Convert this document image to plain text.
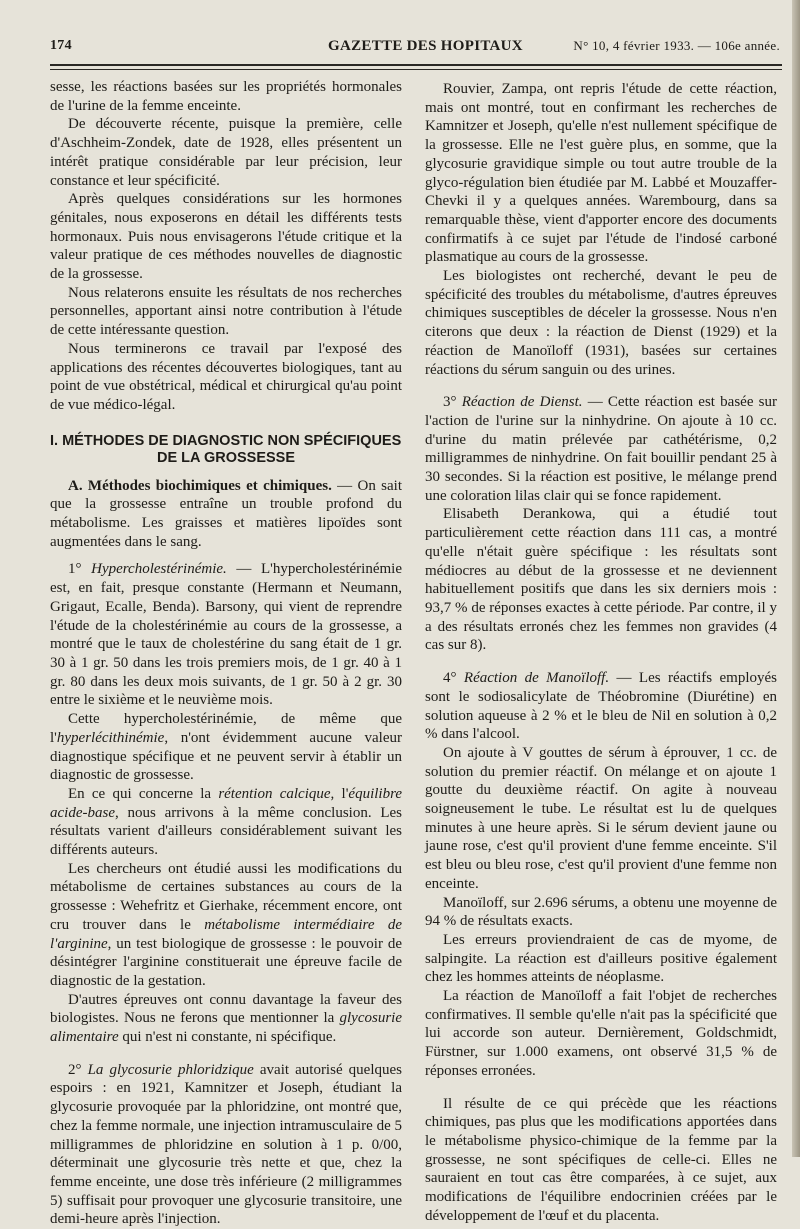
174	GAZETTE DES HOPITAUX	N° 10, 4 février 1933. — 106e année.

sesse, les réactions basées sur les propriétés hormonales de l'urine de la femme enceinte.

De découverte récente, puisque la première, celle d'Aschheim-Zondek, date de 1928, elles présentent un intérêt pratique considérable par leur précision, leur constance et leur spécificité.

Après quelques considérations sur les hormones génitales, nous exposerons en détail les différents tests hormonaux. Puis nous envisagerons l'étude critique et la valeur pratique de ces méthodes nouvelles de diagnostic de la grossesse.

Nous relaterons ensuite les résultats de nos recherches personnelles, apportant ainsi notre contribution à l'étude de cette intéressante question.

Nous terminerons ce travail par l'exposé des applications des récentes découvertes biologiques, tant au point de vue obstétrical, médical et chirurgical qu'au point de vue médico-légal.

I. MÉTHODES DE DIAGNOSTIC NON SPÉCIFIQUES
DE LA GROSSESSE

A. Méthodes biochimiques et chimiques. — On sait que la grossesse entraîne un trouble profond du métabolisme. Les graisses et matières lipoïdes sont augmentées dans le sang.

1° Hypercholestérinémie. — L'hypercholestérinémie est, en fait, presque constante (Hermann et Neumann, Grigaut, Ecalle, Benda). Barsony, qui vient de reprendre l'étude de la cholestérinémie au cours de la grossesse, a montré que le taux de cholestérine du sang était de 1 gr. 30 à 1 gr. 50 dans les trois premiers mois, de 1 gr. 40 à 1 gr. 80 dans les deux mois suivants, de 1 gr. 50 à 2 gr. 30 entre le sixième et le neuvième mois.

Cette hypercholestérinémie, de même que l'hyperlécithinémie, n'ont évidemment aucune valeur diagnostique spécifique et ne peuvent servir à établir un diagnostic de grossesse.

En ce qui concerne la rétention calcique, l'équilibre acide-base, nous arrivons à la même conclusion. Les résultats varient d'ailleurs considérablement suivant les différents auteurs.

Les chercheurs ont étudié aussi les modifications du métabolisme de certaines substances au cours de la grossesse : Wehefritz et Gierhake, récemment encore, ont cru trouver dans le métabolisme intermédiaire de l'arginine, un test biologique de grossesse : le pouvoir de désintégrer l'arginine constituerait une épreuve facile de diagnostic de la gestation.

D'autres épreuves ont connu davantage la faveur des biologistes. Nous ne ferons que mentionner la glycosurie alimentaire qui n'est ni constante, ni spécifique.

2° La glycosurie phloridzique avait autorisé quelques espoirs : en 1921, Kamnitzer et Joseph, étudiant la glycosurie provoquée par la phloridzine, ont montré que, chez la femme normale, une injection intramusculaire de 5 milligrammes de phloridzine en solution à 1 p. 0/00, déterminait une glycosurie très nette et que, chez la femme enceinte, une dose très inférieure (2 milligrammes 5) suffisait pour provoquer une glycosurie transitoire, une demi-heure après l'injection.

Rouvier, Zampa, ont repris l'étude de cette réaction, mais ont montré, tout en confirmant les recherches de Kamnitzer et Joseph, qu'elle n'est nullement spécifique de la grossesse. Elle ne l'est guère plus, en somme, que la glycosurie gravidique simple ou tout autre trouble de la glyco-régulation bien étudiée par M. Labbé et Mouzaffer-Chevki il y a quelques années. Warembourg, dans sa remarquable thèse, vient d'apporter encore des documents confirmatifs à ce sujet par l'étude de l'indosé carboné plasmatique au cours de la grossesse.

Les biologistes ont recherché, devant le peu de spécificité des troubles du métabolisme, d'autres épreuves chimiques susceptibles de déceler la grossesse. Nous n'en citerons que deux : la réaction de Dienst (1929) et la réaction de Manoïloff (1931), basées sur certaines réactions du sérum sanguin ou des urines.

3° Réaction de Dienst. — Cette réaction est basée sur l'action de l'urine sur la ninhydrine. On ajoute à 10 cc. d'urine du matin prélevée par cathétérisme, 0,2 milligrammes de ninhydrine. On fait bouillir pendant 25 à 30 secondes. Si la réaction est positive, le mélange prend une coloration lilas clair qui se fonce rapidement.

Elisabeth Derankowa, qui a étudié tout particulièrement cette réaction dans 111 cas, a montré qu'elle n'était guère spécifique : les résultats sont médiocres au début de la grossesse et ne deviennent habituellement positifs que dans les six derniers mois : 93,7 % de réponses exactes à cette période. Par contre, il y a des résultats erronés chez les femmes non gravides (4 cas sur 8).

4° Réaction de Manoïloff. — Les réactifs employés sont le sodiosalicylate de Théobromine (Diurétine) en solution aqueuse à 2 % et le bleu de Nil en solution à 0,2 % dans l'alcool.

On ajoute à V gouttes de sérum à éprouver, 1 cc. de solution du premier réactif. On mélange et on ajoute 1 goutte du deuxième réactif. On agite à nouveau soigneusement le tube. Le résultat est lu de quelques minutes à une heure après. Si le sérum devient jaune ou jaune rose, c'est qu'il provient d'une femme enceinte. S'il est bleu ou bleu rose, c'est qu'il provient d'une femme non enceinte.

Manoïloff, sur 2.696 sérums, a obtenu une moyenne de 94 % de résultats exacts.

Les erreurs proviendraient de cas de myome, de salpingite. La réaction est d'ailleurs positive également chez les hommes atteints de néoplasme.

La réaction de Manoïloff a fait l'objet de recherches confirmatives. Il semble qu'elle n'ait pas la spécificité que lui accorde son auteur. Dernièrement, Goldschmidt, Fürstner, sur 1.000 examens, ont observé 31,5 % de réponses erronées.

Il résulte de ce qui précède que les réactions chimiques, pas plus que les modifications apportées dans le métabolisme physico-chimique de la femme par la grossesse, ne sont spécifiques de celle-ci. Elles ne sauraient en tout cas être comparées, à ce sujet, aux modifications de l'équilibre endocrinien créées par le développement de l'œuf et du placenta.
